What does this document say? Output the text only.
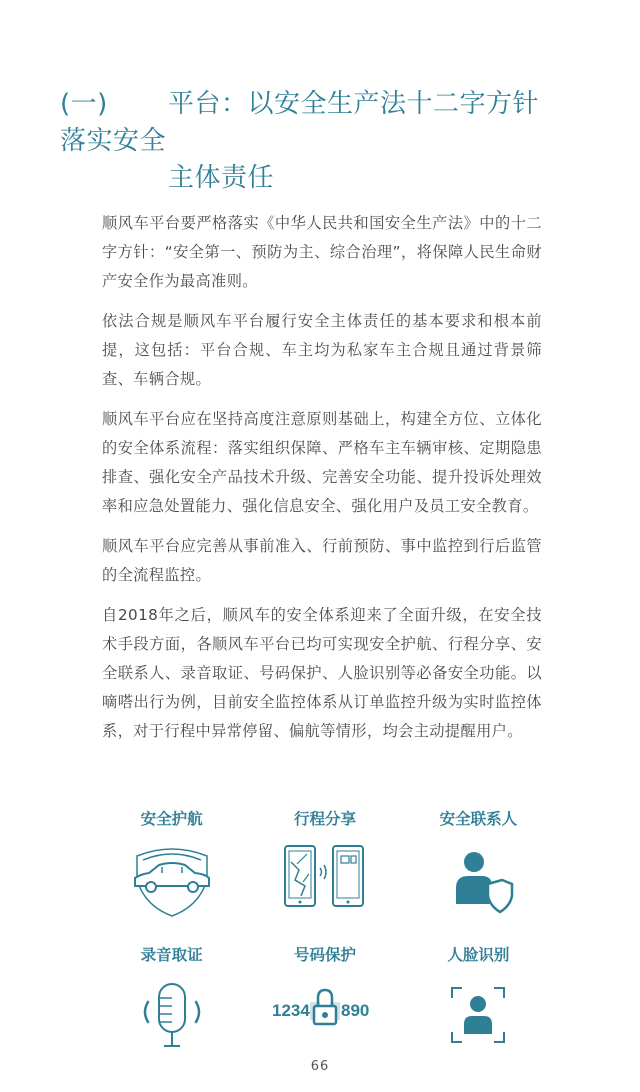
(一) 平台：以安全生产法十二字方针落实安全
主体责任

顺风车平台要严格落实《中华人民共和国安全生产法》中的十二字方针：“安全第一、预防为主、综合治理”，将保障人民生命财产安全作为最高准则。

依法合规是顺风车平台履行安全主体责任的基本要求和根本前提，这包括：平台合规、车主均为私家车主合规且通过背景筛查、车辆合规。

顺风车平台应在坚持高度注意原则基础上，构建全方位、立体化的安全体系流程：落实组织保障、严格车主车辆审核、定期隐患排查、强化安全产品技术升级、完善安全功能、提升投诉处理效率和应急处置能力、强化信息安全、强化用户及员工安全教育。

顺风车平台应完善从事前准入、行前预防、事中监控到行后监管的全流程监控。

自2018年之后，顺风车的安全体系迎来了全面升级，在安全技术手段方面，各顺风车平台已均可实现安全护航、行程分享、安全联系人、录音取证、号码保护、人脸识别等必备安全功能。以嘀嗒出行为例，目前安全监控体系从订单监控升级为实时监控体系，对于行程中异常停留、偏航等情形，均会主动提醒用户。

安全护航	行程分享	安全联系人
录音取证	号码保护
1234 890
人脸识别
66
